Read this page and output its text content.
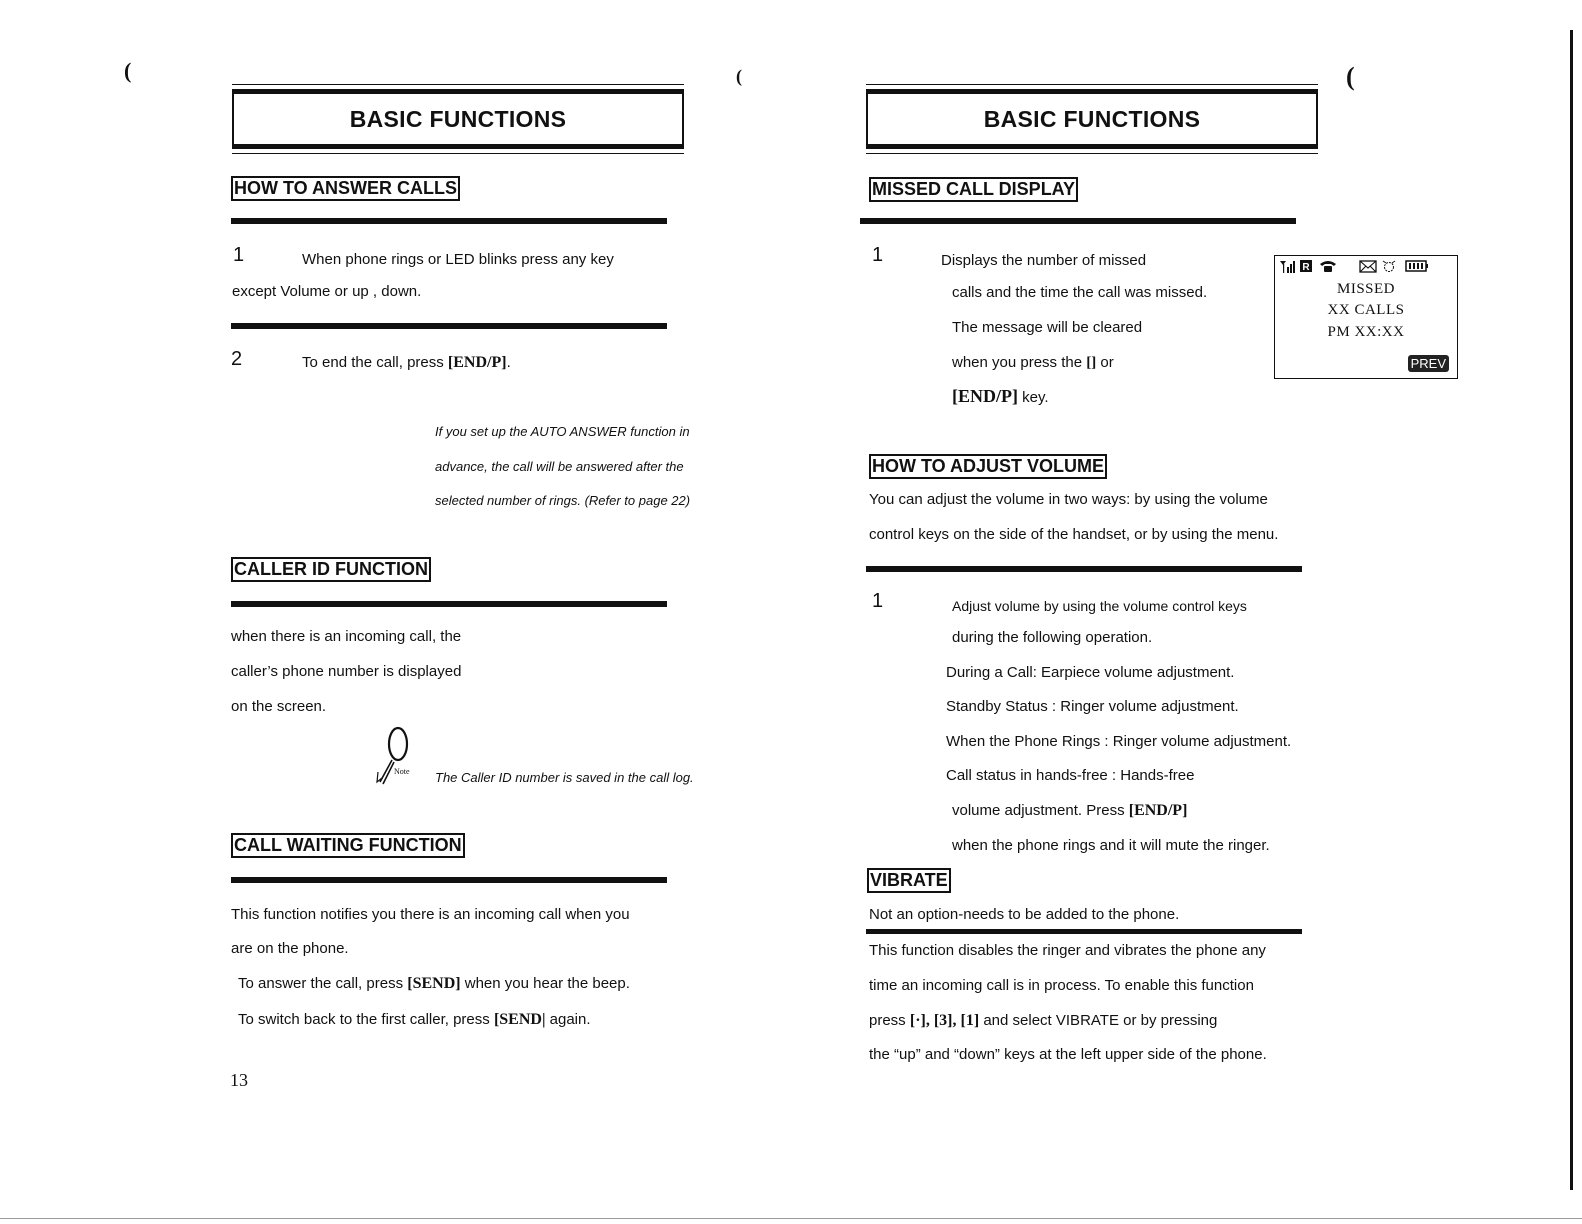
(	(	(
BASIC FUNCTIONS
HOW TO ANSWER CALLS
1	When phone rings or LED blinks press any key
except Volume or up , down.
2	To end the call, press [END/P].
If you set up the AUTO ANSWER function in
advance, the call will be answered after the
selected number of rings. (Refer to page 22)
CALLER ID FUNCTION
when there is an incoming call, the
caller’s phone number is displayed
on the screen.
Note The Caller ID number is saved in the call log.
CALL WAITING FUNCTION
This function notifies you there is an incoming call when you
are on the phone.
To answer the call, press [SEND] when you hear the beep.
To switch back to the first caller, press [SEND| again.
13
BASIC FUNCTIONS
MISSED CALL DISPLAY
1	Displays the number of missed
calls and the time the call was missed.
The message will be cleared
when you press the [] or
[END/P] key.
R
MISSED
XX CALLS
PM XX:XX
PREV
HOW TO ADJUST VOLUME
You can adjust the volume in two ways: by using the volume
control keys on the side of the handset, or by using the menu.
1	Adjust volume by using the volume control keys
during the following operation.
During a Call: Earpiece volume adjustment.
Standby Status : Ringer volume adjustment.
When the Phone Rings : Ringer volume adjustment.
Call status in hands-free : Hands-free
volume adjustment. Press [END/P]
when the phone rings and it will mute the ringer.
VIBRATE
Not an option-needs to be added to the phone.
This function disables the ringer and vibrates the phone any
time an incoming call is in process. To enable this function
press [·], [3], [1] and select VIBRATE or by pressing
the “up” and “down” keys at the left upper side of the phone.
